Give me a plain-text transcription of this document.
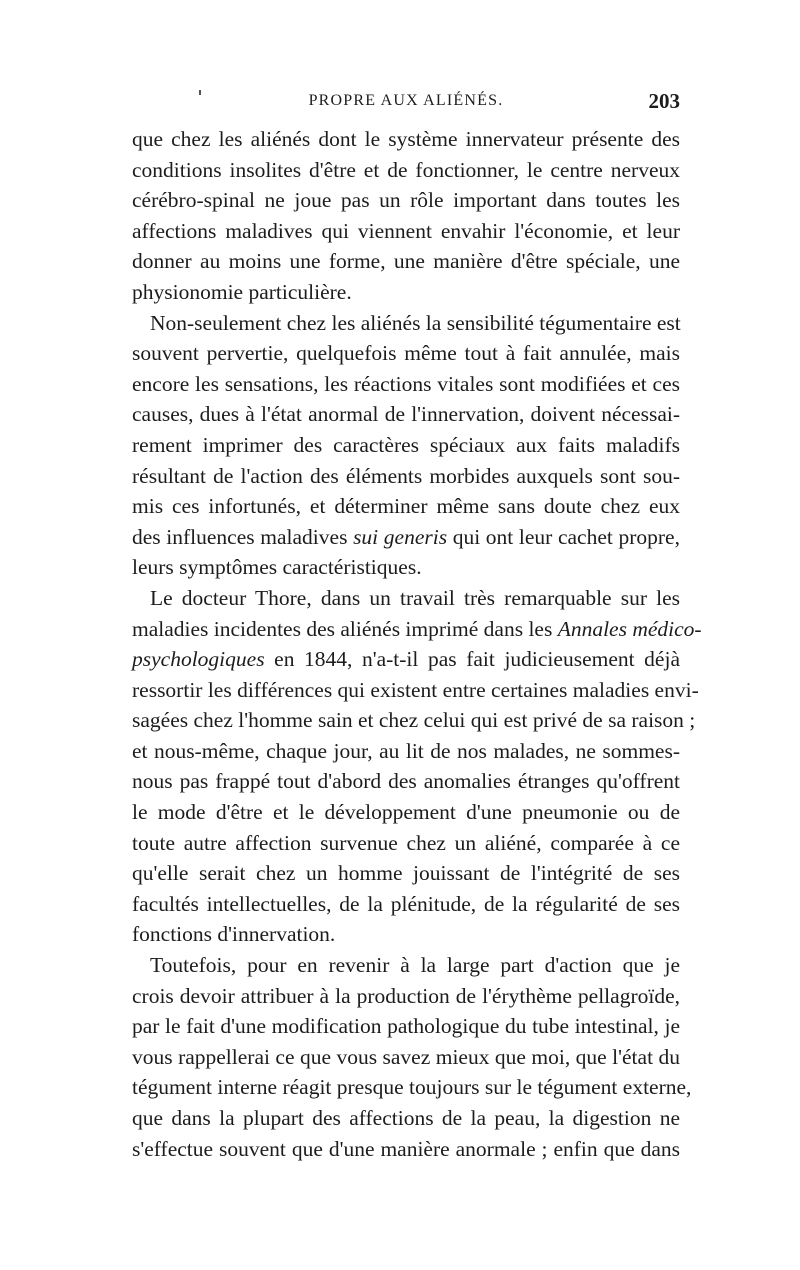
PROPRE AUX ALIÉNÉS.	203
que chez les aliénés dont le système innervateur présente des
conditions insolites d'être et de fonctionner, le centre nerveux
cérébro-spinal ne joue pas un rôle important dans toutes les
affections maladives qui viennent envahir l'économie, et leur
donner au moins une forme, une manière d'être spéciale, une
physionomie particulière.
Non-seulement chez les aliénés la sensibilité tégumentaire est
souvent pervertie, quelquefois même tout à fait annulée, mais
encore les sensations, les réactions vitales sont modifiées et ces
causes, dues à l'état anormal de l'innervation, doivent nécessai-
rement imprimer des caractères spéciaux aux faits maladifs
résultant de l'action des éléments morbides auxquels sont sou-
mis ces infortunés, et déterminer même sans doute chez eux
des influences maladives sui generis qui ont leur cachet propre,
leurs symptômes caractéristiques.
Le docteur Thore, dans un travail très remarquable sur les
maladies incidentes des aliénés imprimé dans les Annales médico-
psychologiques en 1844, n'a-t-il pas fait judicieusement déjà
ressortir les différences qui existent entre certaines maladies envi-
sagées chez l'homme sain et chez celui qui est privé de sa raison ;
et nous-même, chaque jour, au lit de nos malades, ne sommes-
nous pas frappé tout d'abord des anomalies étranges qu'offrent
le mode d'être et le développement d'une pneumonie ou de
toute autre affection survenue chez un aliéné, comparée à ce
qu'elle serait chez un homme jouissant de l'intégrité de ses
facultés intellectuelles, de la plénitude, de la régularité de ses
fonctions d'innervation.
Toutefois, pour en revenir à la large part d'action que je
crois devoir attribuer à la production de l'érythème pellagroïde,
par le fait d'une modification pathologique du tube intestinal, je
vous rappellerai ce que vous savez mieux que moi, que l'état du
tégument interne réagit presque toujours sur le tégument externe,
que dans la plupart des affections de la peau, la digestion ne
s'effectue souvent que d'une manière anormale ; enfin que dans
